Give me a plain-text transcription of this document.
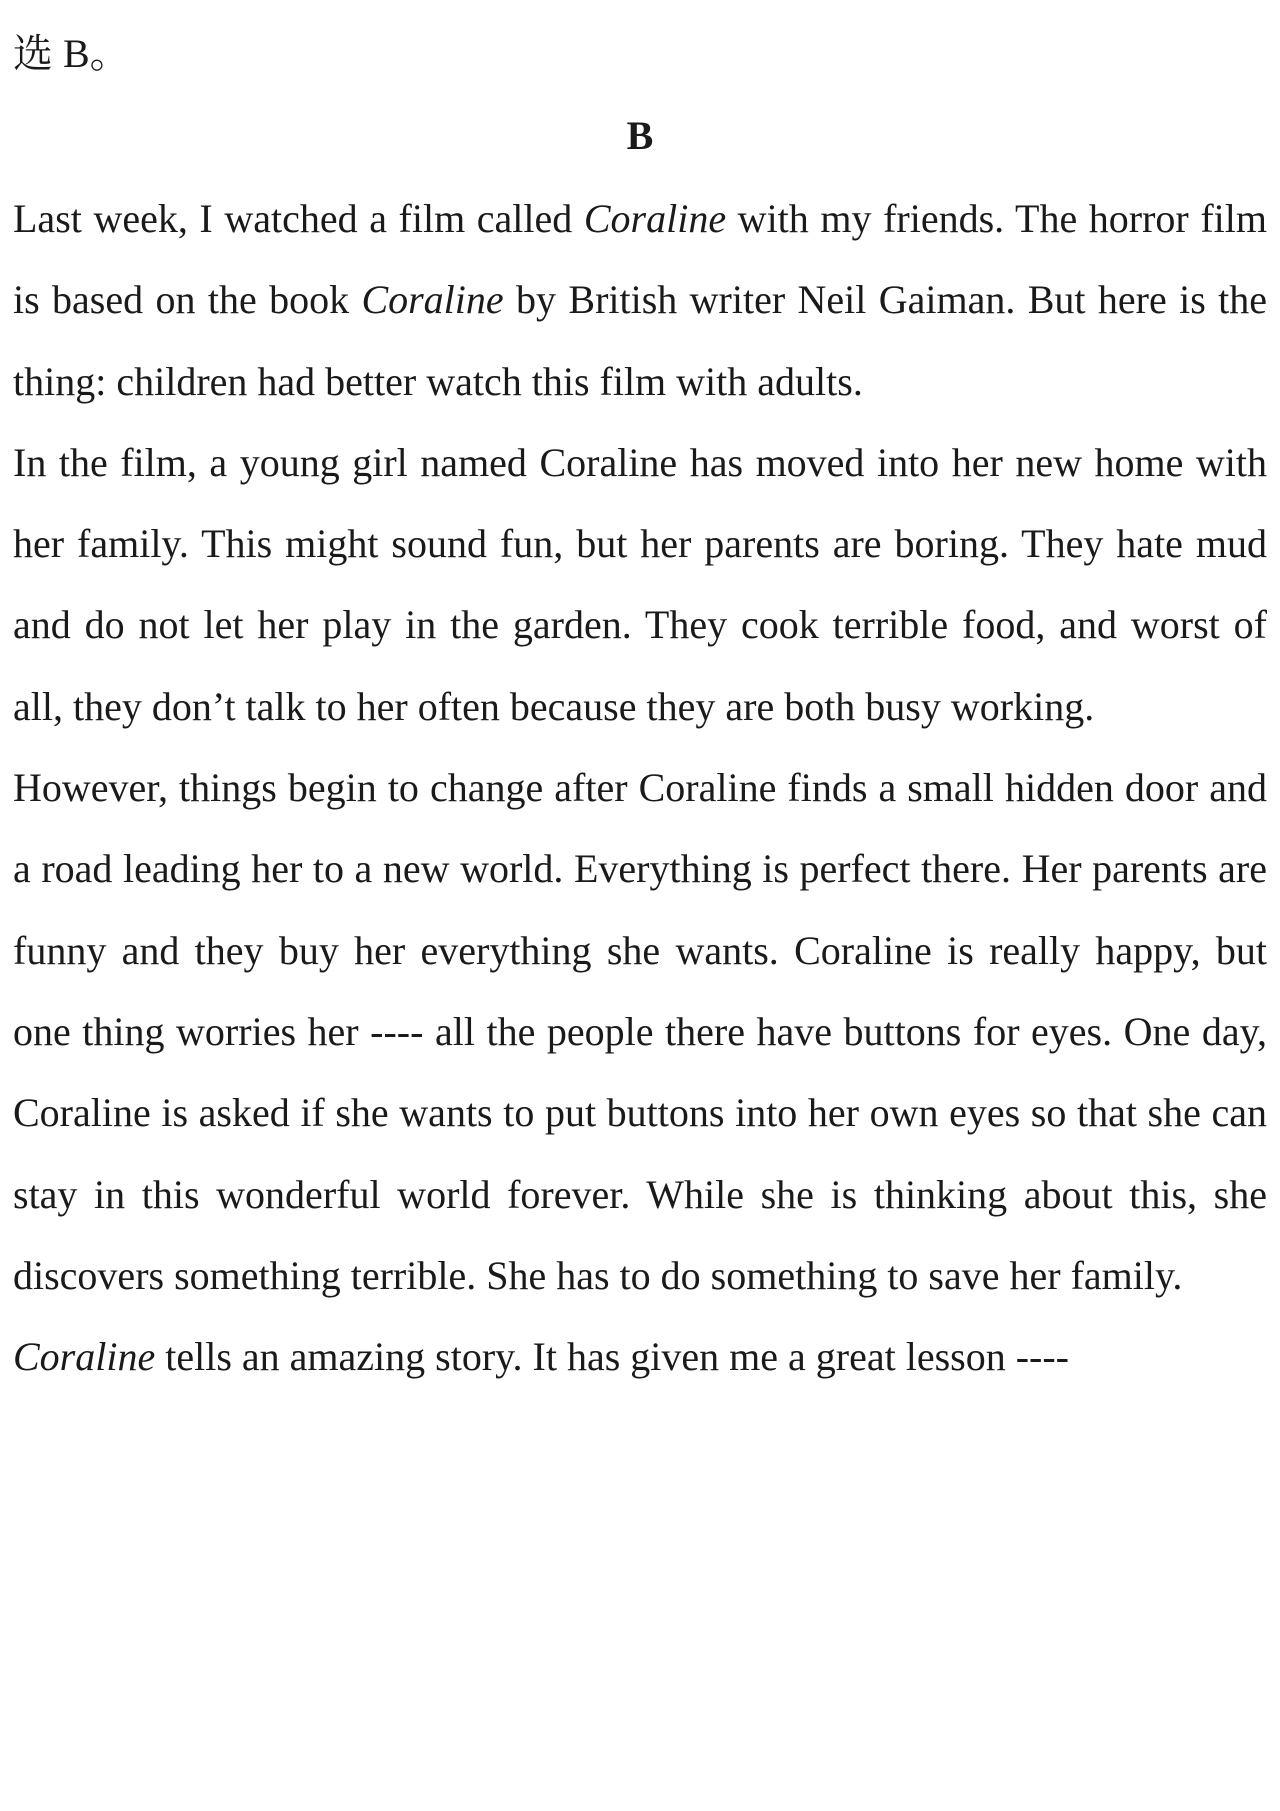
选 B。

B

Last week, I watched a film called Coraline with my friends. The horror film is based on the book Coraline by British writer Neil Gaiman. But here is the thing: children had better watch this film with adults.

In the film, a young girl named Coraline has moved into her new home with her family. This might sound fun, but her parents are boring. They hate mud and do not let her play in the garden. They cook terrible food, and worst of all, they don’t talk to her often because they are both busy working.

However, things begin to change after Coraline finds a small hidden door and a road leading her to a new world. Everything is perfect there. Her parents are funny and they buy her everything she wants. Coraline is really happy, but one thing worries her ---- all the people there have buttons for eyes. One day, Coraline is asked if she wants to put buttons into her own eyes so that she can stay in this wonderful world forever. While she is thinking about this, she discovers something terrible. She has to do something to save her family.

Coraline tells an amazing story. It has given me a great lesson ----
